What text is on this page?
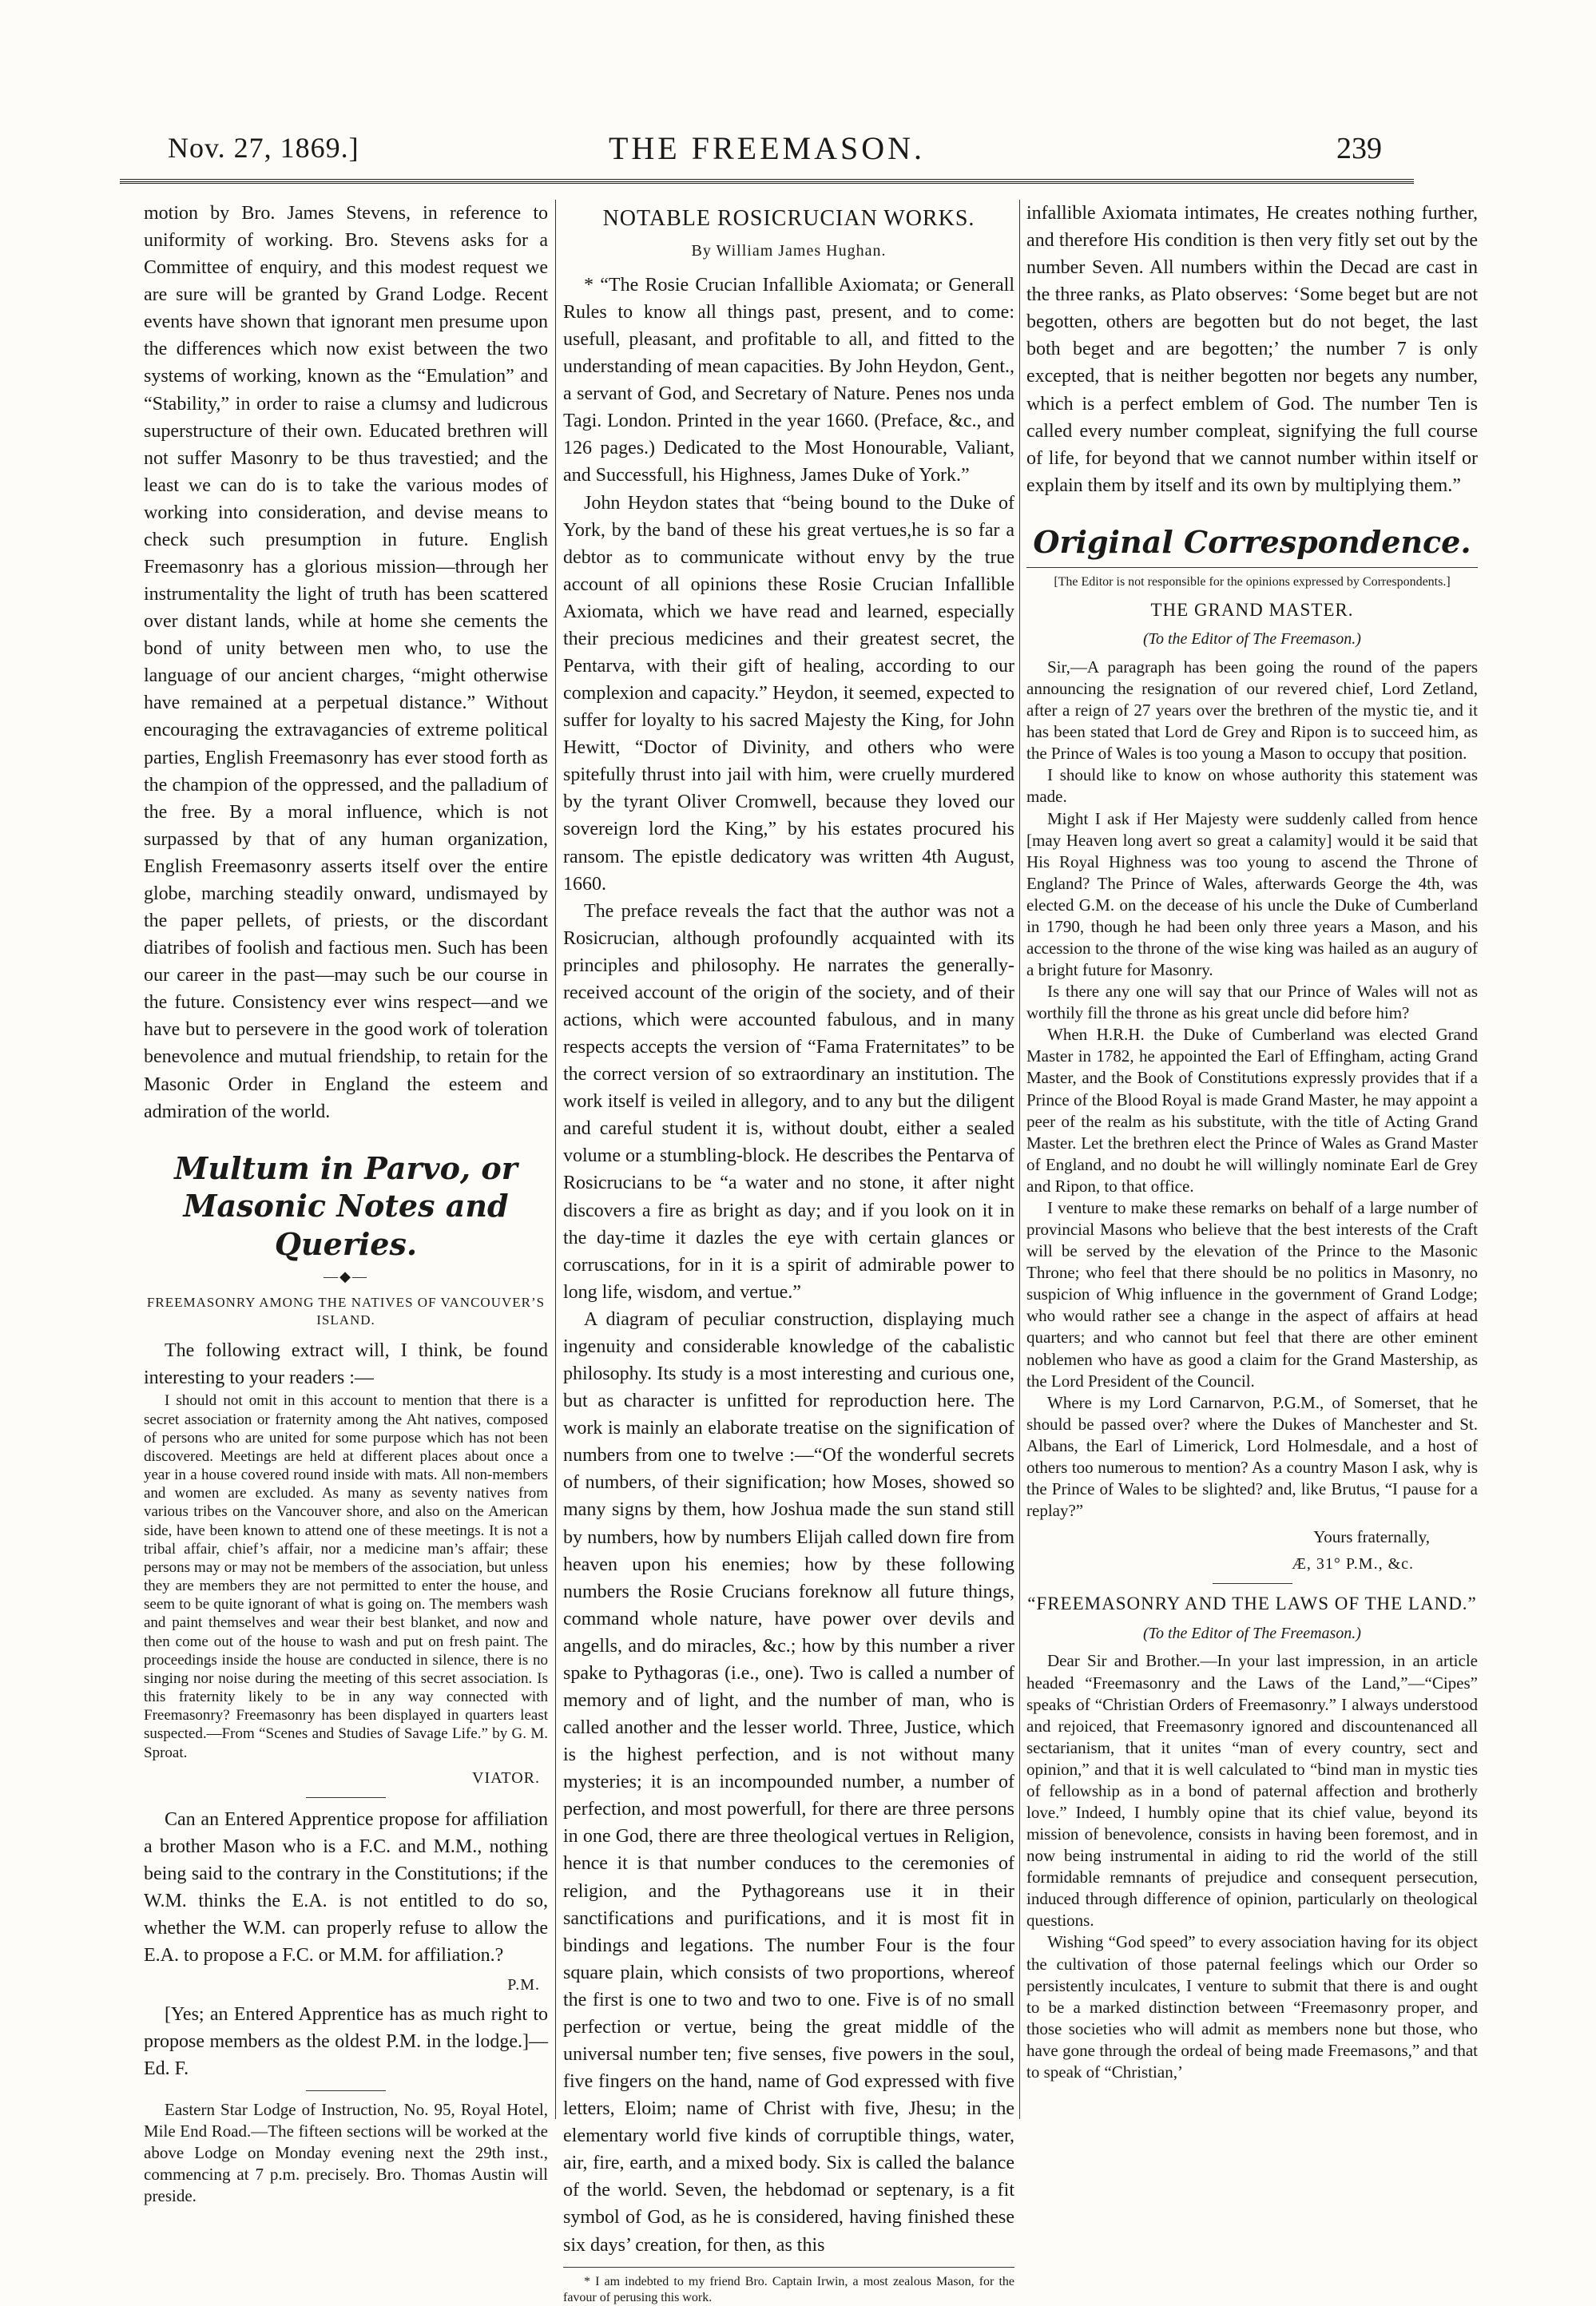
Nov. 27, 1869.]	THE FREEMASON.	239

motion by Bro. James Stevens, in reference to uniformity of working. Bro. Stevens asks for a Committee of enquiry, and this modest request we are sure will be granted by Grand Lodge. Recent events have shown that ignorant men presume upon the differences which now exist between the two systems of working, known as the “Emulation” and “Stability,” in order to raise a clumsy and ludicrous superstructure of their own. Educated brethren will not suffer Masonry to be thus travestied; and the least we can do is to take the various modes of working into consideration, and devise means to check such presumption in future. English Freemasonry has a glorious mission—through her instrumentality the light of truth has been scattered over distant lands, while at home she cements the bond of unity between men who, to use the language of our ancient charges, “might otherwise have remained at a perpetual distance.” Without encouraging the extravagancies of extreme political parties, English Freemasonry has ever stood forth as the champion of the oppressed, and the palladium of the free. By a moral influence, which is not surpassed by that of any human organization, English Freemasonry asserts itself over the entire globe, marching steadily onward, undismayed by the paper pellets, of priests, or the discordant diatribes of foolish and factious men. Such has been our career in the past—may such be our course in the future. Consistency ever wins respect—and we have but to persevere in the good work of toleration benevolence and mutual friendship, to retain for the Masonic Order in England the esteem and admiration of the world.

Multum in Parvo, or Masonic Notes and Queries.
—◆—
FREEMASONRY AMONG THE NATIVES OF VANCOUVER’S ISLAND.

The following extract will, I think, be found interesting to your readers :—

I should not omit in this account to mention that there is a secret association or fraternity among the Aht natives, composed of persons who are united for some purpose which has not been discovered. Meetings are held at different places about once a year in a house covered round inside with mats. All non-members and women are excluded. As many as seventy natives from various tribes on the Vancouver shore, and also on the American side, have been known to attend one of these meetings. It is not a tribal affair, chief’s affair, nor a medicine man’s affair; these persons may or may not be members of the association, but unless they are members they are not permitted to enter the house, and seem to be quite ignorant of what is going on. The members wash and paint themselves and wear their best blanket, and now and then come out of the house to wash and put on fresh paint. The proceedings inside the house are conducted in silence, there is no singing nor noise during the meeting of this secret association. Is this fraternity likely to be in any way connected with Freemasonry? Freemasonry has been displayed in quarters least suspected.—From “Scenes and Studies of Savage Life.” by G. M. Sproat.

VIATOR.

Can an Entered Apprentice propose for affiliation a brother Mason who is a F.C. and M.M., nothing being said to the contrary in the Constitutions; if the W.M. thinks the E.A. is not entitled to do so, whether the W.M. can properly refuse to allow the E.A. to propose a F.C. or M.M. for affiliation.?

P.M.

[Yes; an Entered Apprentice has as much right to propose members as the oldest P.M. in the lodge.]—Ed. F.

Eastern Star Lodge of Instruction, No. 95, Royal Hotel, Mile End Road.—The fifteen sections will be worked at the above Lodge on Monday evening next the 29th inst., commencing at 7 p.m. precisely. Bro. Thomas Austin will preside.

NOTABLE ROSICRUCIAN WORKS.
By William James Hughan.

* “The Rosie Crucian Infallible Axiomata; or Generall Rules to know all things past, present, and to come: usefull, pleasant, and profitable to all, and fitted to the understanding of mean capacities. By John Heydon, Gent., a servant of God, and Secretary of Nature. Penes nos unda Tagi. London. Printed in the year 1660. (Preface, &c., and 126 pages.) Dedicated to the Most Honourable, Valiant, and Successfull, his Highness, James Duke of York.”

John Heydon states that “being bound to the Duke of York, by the band of these his great vertues,he is so far a debtor as to communicate without envy by the true account of all opinions these Rosie Crucian Infallible Axiomata, which we have read and learned, especially their precious medicines and their greatest secret, the Pentarva, with their gift of healing, according to our complexion and capacity.” Heydon, it seemed, expected to suffer for loyalty to his sacred Majesty the King, for John Hewitt, “Doctor of Divinity, and others who were spitefully thrust into jail with him, were cruelly murdered by the tyrant Oliver Cromwell, because they loved our sovereign lord the King,” by his estates procured his ransom. The epistle dedicatory was written 4th August, 1660.

The preface reveals the fact that the author was not a Rosicrucian, although profoundly acquainted with its principles and philosophy. He narrates the generally-received account of the origin of the society, and of their actions, which were accounted fabulous, and in many respects accepts the version of “Fama Fraternitates” to be the correct version of so extraordinary an institution. The work itself is veiled in allegory, and to any but the diligent and careful student it is, without doubt, either a sealed volume or a stumbling-block. He describes the Pentarva of Rosicrucians to be “a water and no stone, it after night discovers a fire as bright as day; and if you look on it in the day-time it dazles the eye with certain glances or corruscations, for in it is a spirit of admirable power to long life, wisdom, and vertue.”

A diagram of peculiar construction, displaying much ingenuity and considerable knowledge of the cabalistic philosophy. Its study is a most interesting and curious one, but as character is unfitted for reproduction here. The work is mainly an elaborate treatise on the signification of numbers from one to twelve :—“Of the wonderful secrets of numbers, of their signification; how Moses, showed so many signs by them, how Joshua made the sun stand still by numbers, how by numbers Elijah called down fire from heaven upon his enemies; how by these following numbers the Rosie Crucians foreknow all future things, command whole nature, have power over devils and angells, and do miracles, &c.; how by this number a river spake to Pythagoras (i.e., one). Two is called a number of memory and of light, and the number of man, who is called another and the lesser world. Three, Justice, which is the highest perfection, and is not without many mysteries; it is an incompounded number, a number of perfection, and most powerfull, for there are three persons in one God, there are three theological vertues in Religion, hence it is that number conduces to the ceremonies of religion, and the Pythagoreans use it in their sanctifications and purifications, and it is most fit in bindings and legations. The number Four is the four square plain, which consists of two proportions, whereof the first is one to two and two to one. Five is of no small perfection or vertue, being the great middle of the universal number ten; five senses, five powers in the soul, five fingers on the hand, name of God expressed with five letters, Eloim; name of Christ with five, Jhesu; in the elementary world five kinds of corruptible things, water, air, fire, earth, and a mixed body. Six is called the balance of the world. Seven, the hebdomad or septenary, is a fit symbol of God, as he is considered, having finished these six days’ creation, for then, as this

* I am indebted to my friend Bro. Captain Irwin, a most zealous Mason, for the favour of perusing this work.

infallible Axiomata intimates, He creates nothing further, and therefore His condition is then very fitly set out by the number Seven. All numbers within the Decad are cast in the three ranks, as Plato observes: ‘Some beget but are not begotten, others are begotten but do not beget, the last both beget and are begotten;’ the number 7 is only excepted, that is neither begotten nor begets any number, which is a perfect emblem of God. The number Ten is called every number compleat, signifying the full course of life, for beyond that we cannot number within itself or explain them by itself and its own by multiplying them.”

Original Correspondence.
[The Editor is not responsible for the opinions expressed by Correspondents.]
THE GRAND MASTER.
(To the Editor of The Freemason.)

Sir,—A paragraph has been going the round of the papers announcing the resignation of our revered chief, Lord Zetland, after a reign of 27 years over the brethren of the mystic tie, and it has been stated that Lord de Grey and Ripon is to succeed him, as the Prince of Wales is too young a Mason to occupy that position.

I should like to know on whose authority this statement was made.

Might I ask if Her Majesty were suddenly called from hence [may Heaven long avert so great a calamity] would it be said that His Royal Highness was too young to ascend the Throne of England? The Prince of Wales, afterwards George the 4th, was elected G.M. on the decease of his uncle the Duke of Cumberland in 1790, though he had been only three years a Mason, and his accession to the throne of the wise king was hailed as an augury of a bright future for Masonry.

Is there any one will say that our Prince of Wales will not as worthily fill the throne as his great uncle did before him?

When H.R.H. the Duke of Cumberland was elected Grand Master in 1782, he appointed the Earl of Effingham, acting Grand Master, and the Book of Constitutions expressly provides that if a Prince of the Blood Royal is made Grand Master, he may appoint a peer of the realm as his substitute, with the title of Acting Grand Master. Let the brethren elect the Prince of Wales as Grand Master of England, and no doubt he will willingly nominate Earl de Grey and Ripon, to that office.

I venture to make these remarks on behalf of a large number of provincial Masons who believe that the best interests of the Craft will be served by the elevation of the Prince to the Masonic Throne; who feel that there should be no politics in Masonry, no suspicion of Whig influence in the government of Grand Lodge; who would rather see a change in the aspect of affairs at head quarters; and who cannot but feel that there are other eminent noblemen who have as good a claim for the Grand Mastership, as the Lord President of the Council.

Where is my Lord Carnarvon, P.G.M., of Somerset, that he should be passed over? where the Dukes of Manchester and St. Albans, the Earl of Limerick, Lord Holmesdale, and a host of others too numerous to mention? As a country Mason I ask, why is the Prince of Wales to be slighted? and, like Brutus, “I pause for a replay?”

Yours fraternally,
Æ, 31° P.M., &c.
“FREEMASONRY AND THE LAWS OF THE LAND.”
(To the Editor of The Freemason.)

Dear Sir and Brother.—In your last impression, in an article headed “Freemasonry and the Laws of the Land,”—“Cipes” speaks of “Christian Orders of Freemasonry.” I always understood and rejoiced, that Freemasonry ignored and discountenanced all sectarianism, that it unites “man of every country, sect and opinion,” and that it is well calculated to “bind man in mystic ties of fellowship as in a bond of paternal affection and brotherly love.” Indeed, I humbly opine that its chief value, beyond its mission of benevolence, consists in having been foremost, and in now being instrumental in aiding to rid the world of the still formidable remnants of prejudice and consequent persecution, induced through difference of opinion, particularly on theological questions.

Wishing “God speed” to every association having for its object the cultivation of those paternal feelings which our Order so persistently inculcates, I venture to submit that there is and ought to be a marked distinction between “Freemasonry proper, and those societies who will admit as members none but those, who have gone through the ordeal of being made Freemasons,” and that to speak of “Christian,’
